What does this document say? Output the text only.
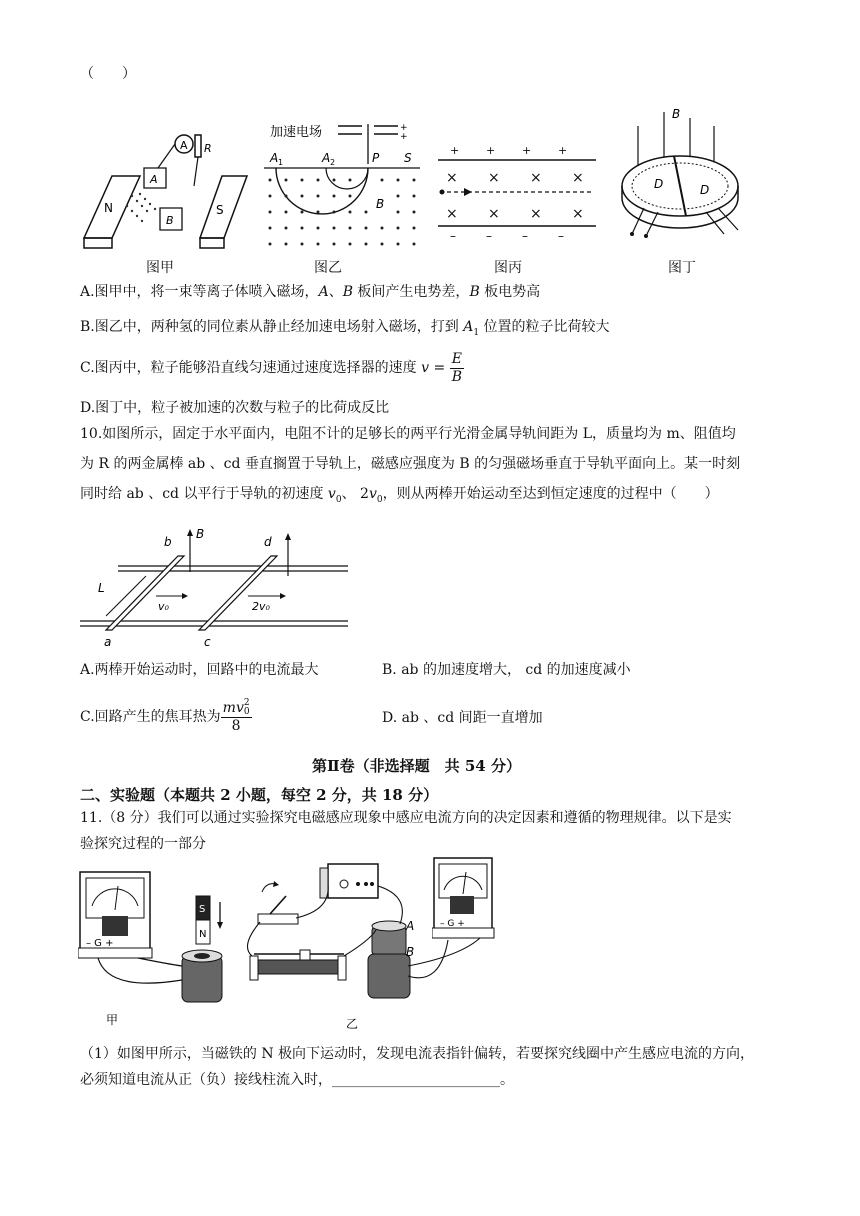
（　　）
A R
N
A
B
S
图甲
加速电场	+
+
A 1	A 2	P S
B
图乙
+ + + +
× × × ×
× × × ×
–	–	–	–
图丙
B
D	D
图丁
A.图甲中，将一束等离子体喷入磁场，A、B 板间产生电势差，B 板电势高
B.图乙中，两种氢的同位素从静止经加速电场射入磁场，打到 $A_1$ 位置的粒子比荷较大
C.图丙中，粒子能够沿直线匀速通过速度选择器的速度 $v = \frac{E}{B}$
D.图丁中，粒子被加速的次数与粒子的比荷成反比
10.如图所示，固定于水平面内，电阻不计的足够长的两平行光滑金属导轨间距为 L，质量均为 m、阻值均
为 R 的两金属棒 ab 、cd 垂直搁置于导轨上，磁感应强度为 B 的匀强磁场垂直于导轨平面向上。某一时刻
同时给 ab 、cd 以平行于导轨的初速度 $v_0$、 $2v_0$，则从两棒开始运动至达到恒定速度的过程中（　　）
b
B
d
L
v₀	2v₀
a	c
A.两棒开始运动时，回路中的电流最大	B. ab 的加速度增大， cd 的加速度减小
C.回路产生的焦耳热为 mv 2
0
8	D. ab 、cd 间距一直增加
第Ⅱ卷（非选择题　共 54 分）
二、实验题（本题共 2 小题，每空 2 分，共 18 分）
11.（8 分）我们可以通过实验探究电磁感应现象中感应电流方向的决定因素和遵循的物理规律。以下是实
验探究过程的一部分
– G +
S
N
甲
A
B
乙
– G +
（1）如图甲所示，当磁铁的 N 极向下运动时，发现电流表指针偏转，若要探究线圈中产生感应电流的方向，
必须知道电流从正（负）接线柱流入时，________________________。
